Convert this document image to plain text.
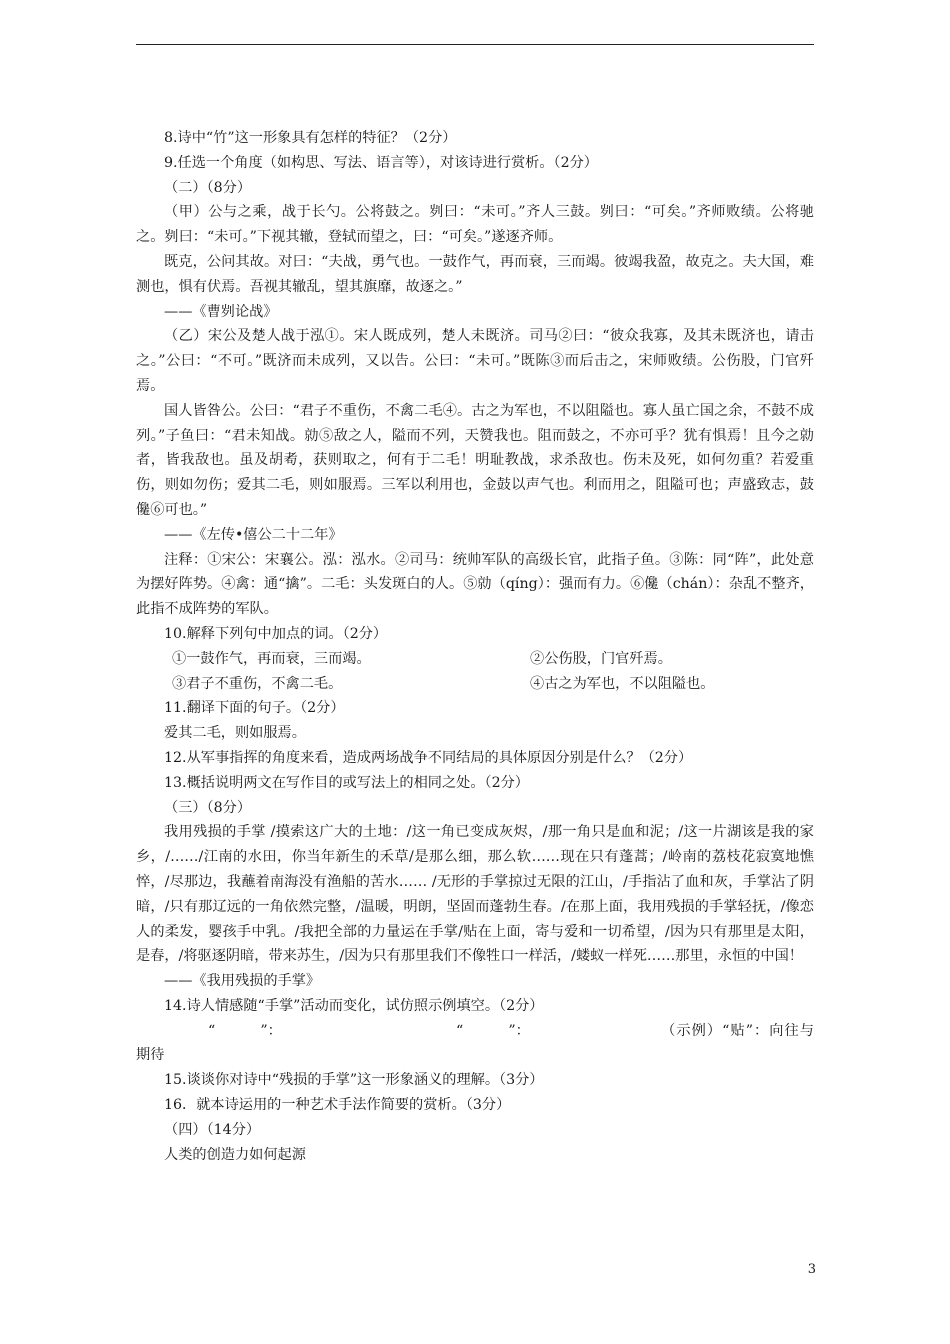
8.诗中“竹”这一形象具有怎样的特征？（2分）

9.任选一个角度（如构思、写法、语言等），对该诗进行赏析。（2分）

（二）（8分）

（甲）公与之乘，战于长勺。公将鼓之。刿曰：“未可。”齐人三鼓。刿曰：“可矣。”齐师败绩。公将驰之。刿曰：“未可。”下视其辙，登轼而望之，曰：“可矣。”遂逐齐师。

既克，公问其故。对曰：“夫战，勇气也。一鼓作气，再而衰，三而竭。彼竭我盈，故克之。夫大国，难测也，惧有伏焉。吾视其辙乱，望其旗靡，故逐之。”

——《曹刿论战》

（乙）宋公及楚人战于泓①。宋人既成列，楚人未既济。司马②曰：“彼众我寡，及其未既济也，请击之。”公曰：“不可。”既济而未成列，又以告。公曰：“未可。”既陈③而后击之，宋师败绩。公伤股，门官歼焉。

国人皆咎公。公曰：“君子不重伤，不禽二毛④。古之为军也，不以阻隘也。寡人虽亡国之余，不鼓不成列。”子鱼曰：“君未知战。勍⑤敌之人，隘而不列，天赞我也。阻而鼓之，不亦可乎？犹有惧焉！且今之勍者，皆我敌也。虽及胡耇，获则取之，何有于二毛！明耻教战，求杀敌也。伤未及死，如何勿重？若爱重伤，则如勿伤；爱其二毛，则如服焉。三军以利用也，金鼓以声气也。利而用之，阻隘可也；声盛致志，鼓儳⑥可也。”

——《左传•僖公二十二年》

注释：①宋公：宋襄公。泓：泓水。②司马：统帅军队的高级长官，此指子鱼。③陈：同“阵”，此处意为摆好阵势。④禽：通“擒”。二毛：头发斑白的人。⑤勍（qíng）：强而有力。⑥儳（chán）：杂乱不整齐，此指不成阵势的军队。

10.解释下列句中加点的词。（2分）

①一鼓作气，再而衰，三而竭。	②公伤股，门官歼焉。
③君子不重伤，不禽二毛。	④古之为军也，不以阻隘也。

11.翻译下面的句子。（2分）

爱其二毛，则如服焉。

12.从军事指挥的角度来看，造成两场战争不同结局的具体原因分别是什么？（2分）

13.概括说明两文在写作目的或写法上的相同之处。（2分）

（三）（8分）

我用残损的手掌 /摸索这广大的土地：/这一角已变成灰烬，/那一角只是血和泥；/这一片湖该是我的家乡，/……/江南的水田，你当年新生的禾草/是那么细，那么软……现在只有蓬蒿；/岭南的荔枝花寂寞地憔悴，/尽那边，我蘸着南海没有渔船的苦水…… /无形的手掌掠过无限的江山，/手指沾了血和灰，手掌沾了阴暗，/只有那辽远的一角依然完整，/温暖，明朗，坚固而蓬勃生春。/在那上面，我用残损的手掌轻抚，/像恋人的柔发，婴孩手中乳。/我把全部的力量运在手掌/贴在上面，寄与爱和一切希望，/因为只有那里是太阳，是春，/将驱逐阴暗，带来苏生，/因为只有那里我们不像牲口一样活，/蝼蚁一样死……那里，永恒的中国！

——《我用残损的手掌》

14.诗人情感随“手掌”活动而变化，试仿照示例填空。（2分）

“          ”：	“          ”：	（示例）“贴”：向往与期待

15.谈谈你对诗中“残损的手掌”这一形象涵义的理解。（3分）

16．就本诗运用的一种艺术手法作简要的赏析。（3分）

（四）（14分）

人类的创造力如何起源

3
